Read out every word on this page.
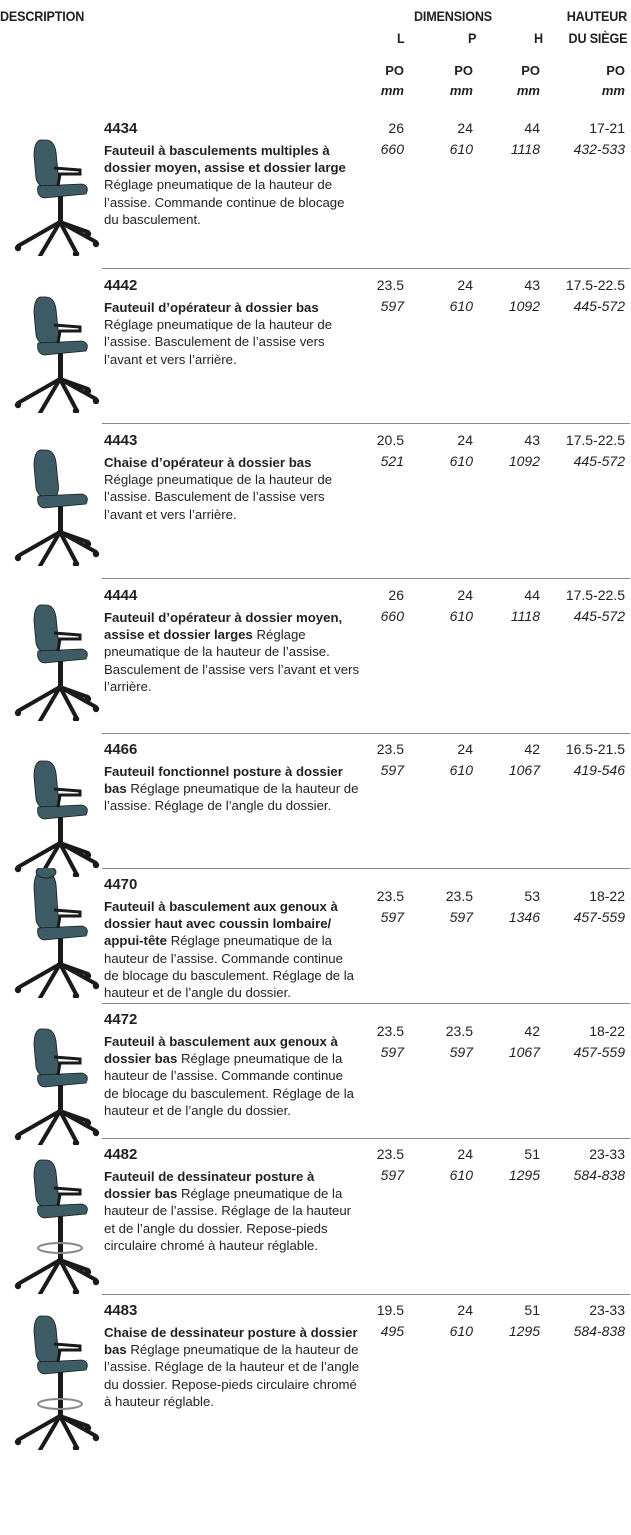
DESCRIPTION	DIMENSIONS	HAUTEUR
DU SIÈGE
L	P	H
PO	PO	PO	PO
mm	mm	mm	mm
4434
Fauteuil à basculements multiples à dossier moyen, assise et dossier large Réglage pneumatique de la hauteur de l’assise. Commande continue de blocage du basculement.
26	24	44	17-21
660	610	1118	432-533
4442
Fauteuil d’opérateur à dossier bas Réglage pneumatique de la hauteur de l’assise. Basculement de l’assise vers l’avant et vers l’arrière.
23.5	24	43 17.5-22.5
597	610	1092	445-572
4443
Chaise d’opérateur à dossier bas Réglage pneumatique de la hauteur de l’assise. Basculement de l’assise vers l’avant et vers l’arrière.
20.5	24	43 17.5-22.5
521	610	1092	445-572
4444
Fauteuil d’opérateur à dossier moyen, assise et dossier larges Réglage pneumatique de la hauteur de l’assise. Basculement de l’assise vers l’avant et vers l’arrière.
26	24	44 17.5-22.5
660	610	1118	445-572
4466
Fauteuil fonctionnel posture à dossier bas Réglage pneumatique de la hauteur de l’assise. Réglage de l’angle du dossier.
23.5	24	42 16.5-21.5
597	610	1067	419-546
4470
Fauteuil à basculement aux genoux à dossier haut avec coussin lombaire/ appui-tête Réglage pneumatique de la hauteur de l’assise. Commande continue de blocage du basculement. Réglage de la hauteur et de l’angle du dossier.
23.5	23.5	53	18-22
597	597	1346	457-559
4472
Fauteuil à basculement aux genoux à dossier bas Réglage pneumatique de la hauteur de l’assise. Commande continue de blocage du basculement. Réglage de la hauteur et de l’angle du dossier.
23.5	23.5	42	18-22
597	597	1067	457-559
4482
Fauteuil de dessinateur posture à dossier bas Réglage pneumatique de la hauteur de l’assise. Réglage de la hauteur et de l’angle du dossier. Repose-pieds circulaire chromé à hauteur réglable.
23.5	24	51	23-33
597	610	1295	584-838
4483
Chaise de dessinateur posture à dossier bas Réglage pneumatique de la hauteur de l’assise. Réglage de la hauteur et de l’angle du dossier. Repose-pieds circulaire chromé à hauteur réglable.
19.5	24	51	23-33
495	610	1295	584-838
